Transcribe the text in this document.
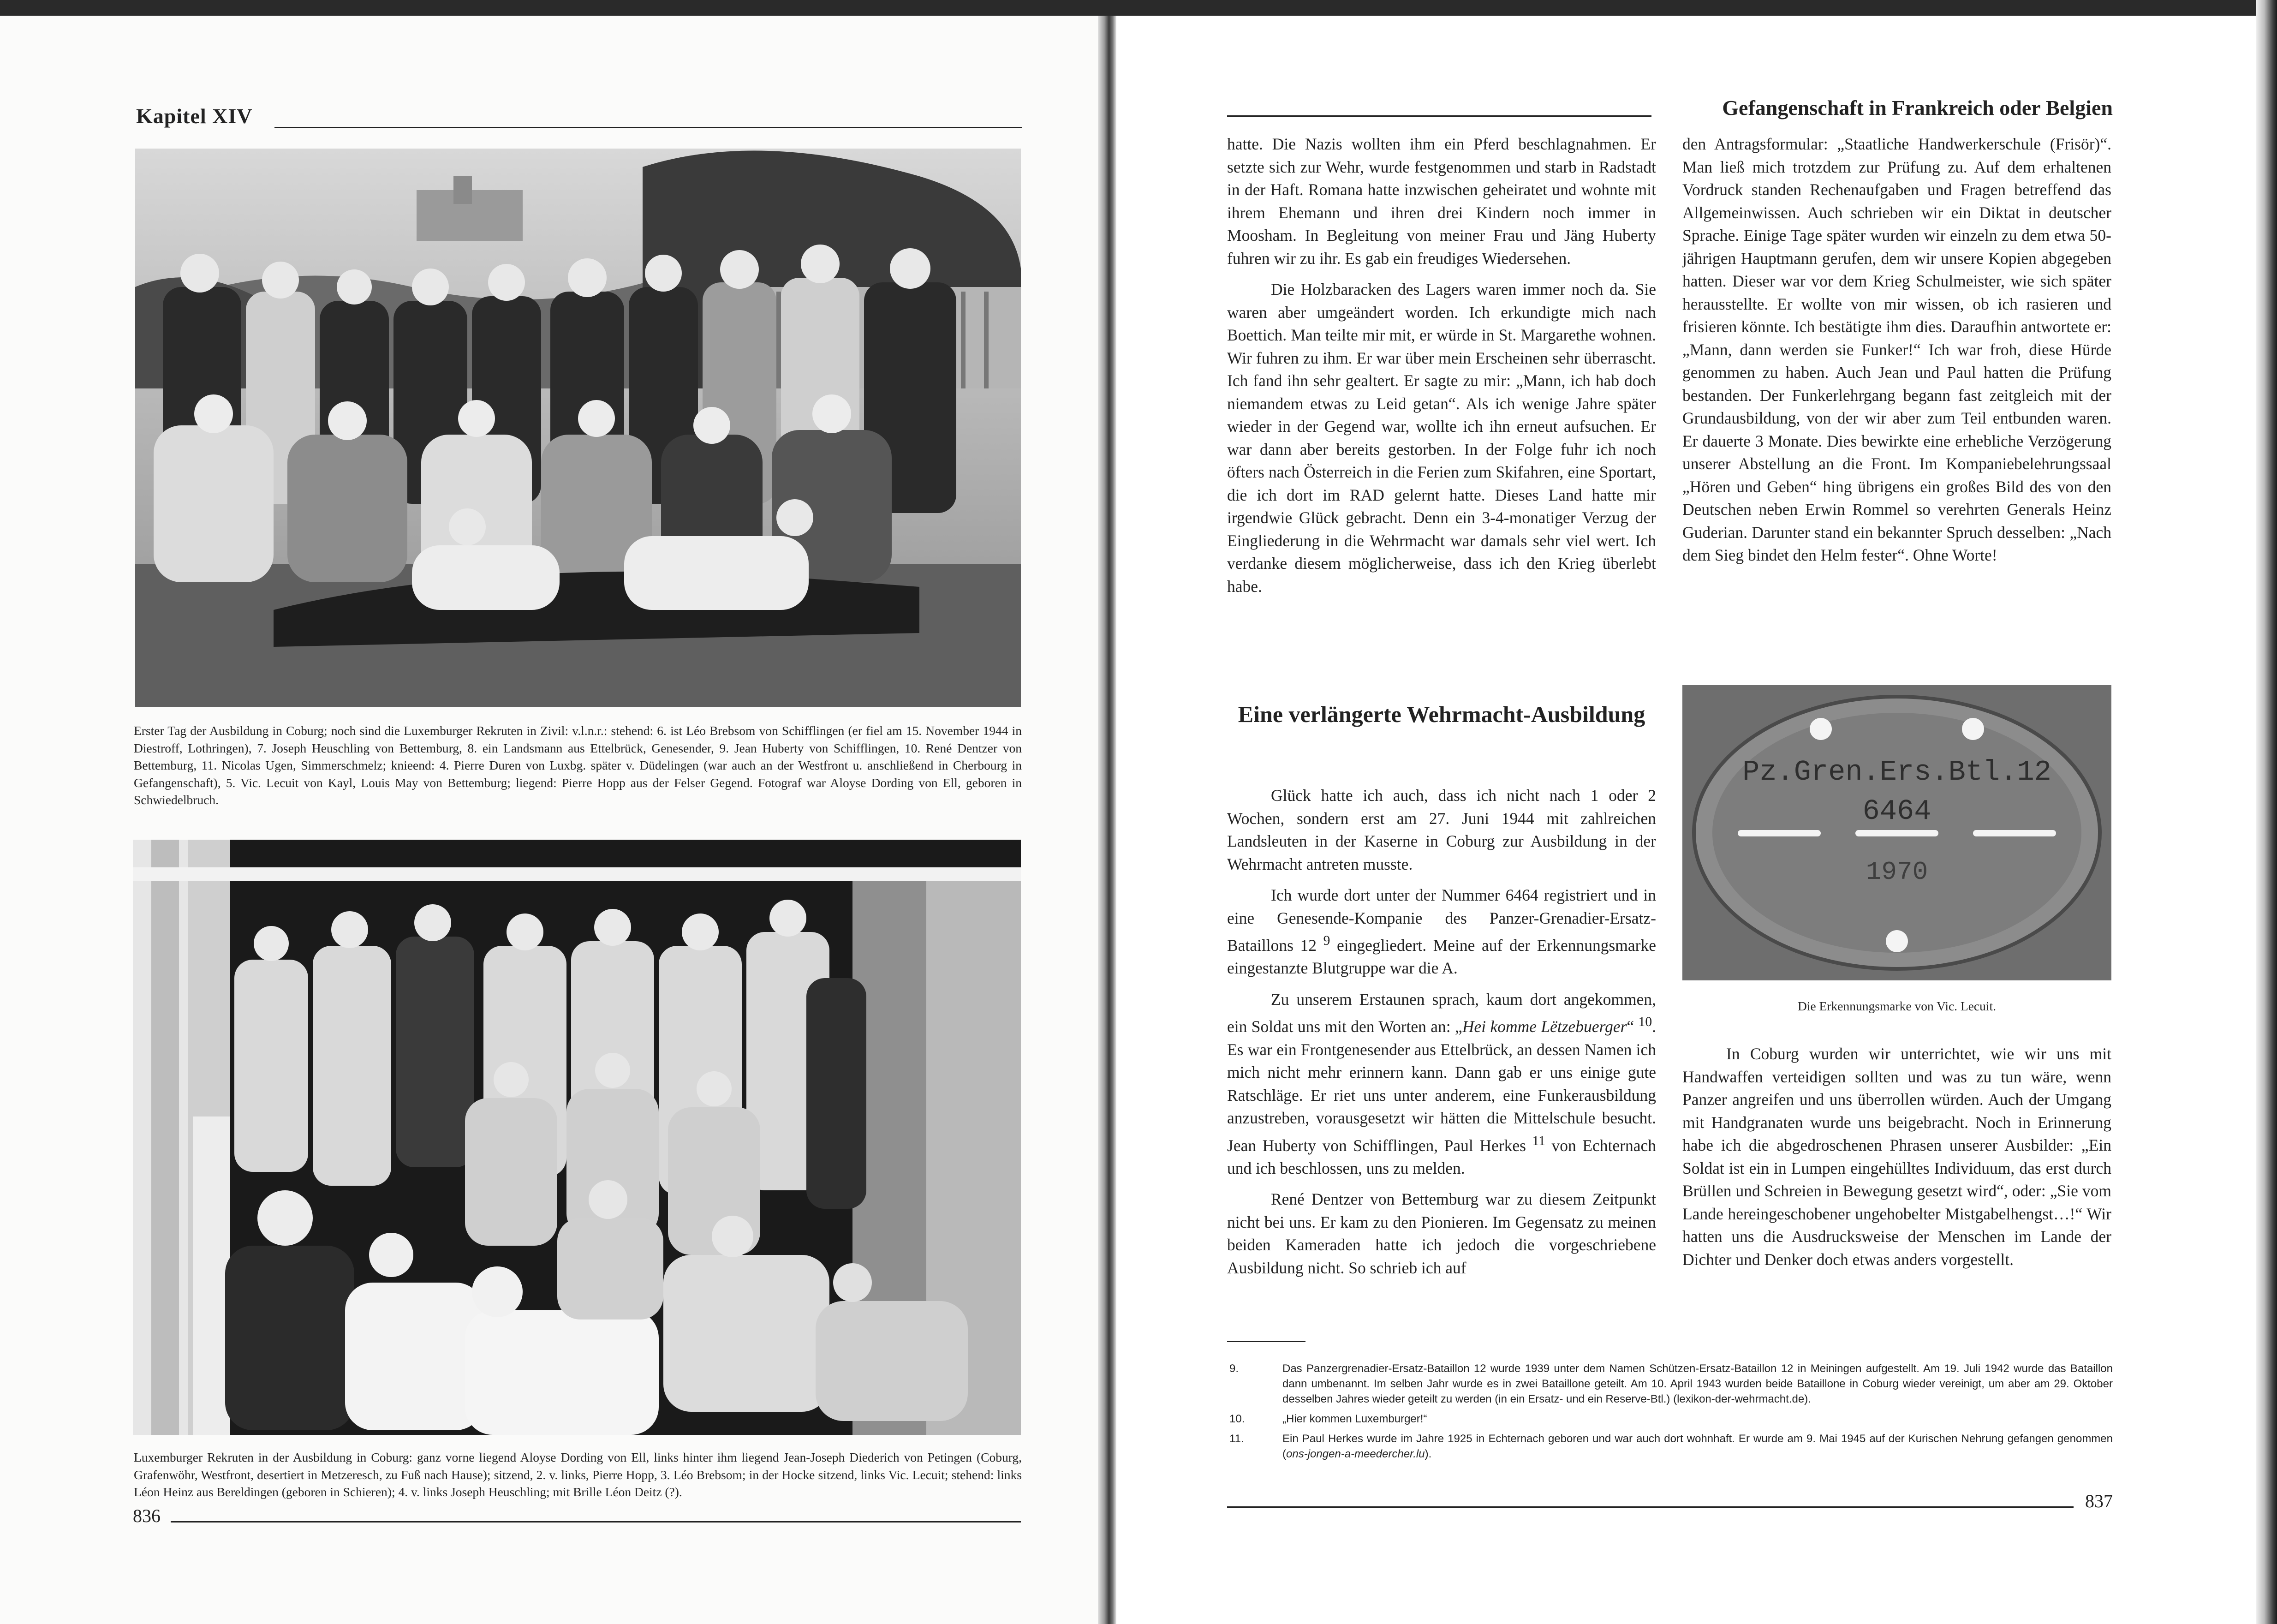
Kapitel XIV
Erster Tag der Ausbildung in Coburg; noch sind die Luxemburger Rekruten in Zivil: v.l.n.r.: stehend: 6. ist Léo Brebsom von Schifflingen (er fiel am 15. November 1944 in Diestroff, Lothringen), 7. Joseph Heuschling von Bettemburg, 8. ein Landsmann aus Ettelbrück, Genesender, 9. Jean Huberty von Schifflingen, 10. René Dentzer von Bettemburg, 11. Nicolas Ugen, Simmerschmelz; knieend: 4. Pierre Duren von Luxbg. später v. Düdelingen (war auch an der Westfront u. anschließend in Cherbourg in Gefangenschaft), 5. Vic. Lecuit von Kayl, Louis May von Bettemburg; liegend: Pierre Hopp aus der Felser Gegend. Fotograf war Aloyse Dording von Ell, geboren in Schwiedelbruch.
Luxemburger Rekruten in der Ausbildung in Coburg: ganz vorne liegend Aloyse Dording von Ell, links hinter ihm liegend Jean-Joseph Diederich von Petingen (Coburg, Grafenwöhr, Westfront, desertiert in Metzeresch, zu Fuß nach Hause); sitzend, 2. v. links, Pierre Hopp, 3. Léo Brebsom; in der Hocke sitzend, links Vic. Lecuit; stehend: links Léon Heinz aus Bereldingen (geboren in Schieren); 4. v. links Joseph Heuschling; mit Brille Léon Deitz (?).
836
Gefangenschaft in Frankreich oder Belgien

hatte. Die Nazis wollten ihm ein Pferd beschlagnahmen. Er setzte sich zur Wehr, wurde festgenommen und starb in Radstadt in der Haft. Romana hatte inzwischen geheiratet und wohnte mit ihrem Ehemann und ihren drei Kindern noch immer in Moosham. In Begleitung von meiner Frau und Jäng Huberty fuhren wir zu ihr. Es gab ein freudiges Wiedersehen.

Die Holzbaracken des Lagers waren immer noch da. Sie waren aber umgeändert worden. Ich erkundigte mich nach Boettich. Man teilte mir mit, er würde in St. Margarethe wohnen. Wir fuhren zu ihm. Er war über mein Erscheinen sehr überrascht. Ich fand ihn sehr gealtert. Er sagte zu mir: „Mann, ich hab doch niemandem etwas zu Leid getan“. Als ich wenige Jahre später wieder in der Gegend war, wollte ich ihn erneut aufsuchen. Er war dann aber bereits gestorben. In der Folge fuhr ich noch öfters nach Österreich in die Ferien zum Skifahren, eine Sportart, die ich dort im RAD gelernt hatte. Dieses Land hatte mir irgendwie Glück gebracht. Denn ein 3-4-monatiger Verzug der Eingliederung in die Wehrmacht war damals sehr viel wert. Ich verdanke diesem möglicherweise, dass ich den Krieg überlebt habe.

Eine verlängerte Wehrmacht-Ausbildung

Glück hatte ich auch, dass ich nicht nach 1 oder 2 Wochen, sondern erst am 27. Juni 1944 mit zahlreichen Landsleuten in der Kaserne in Coburg zur Ausbildung in der Wehrmacht antreten musste.

Ich wurde dort unter der Nummer 6464 registriert und in eine Genesende-Kompanie des Panzer-Grenadier-Ersatz-Bataillons 12 $^9$ eingegliedert. Meine auf der Erkennungsmarke eingestanzte Blutgruppe war die A.

Zu unserem Erstaunen sprach, kaum dort angekommen, ein Soldat uns mit den Worten an: „Hei komme Lëtzebuerger“ $^{10}$. Es war ein Frontgenesender aus Ettelbrück, an dessen Namen ich mich nicht mehr erinnern kann. Dann gab er uns einige gute Ratschläge. Er riet uns unter anderem, eine Funkerausbildung anzustreben, vorausgesetzt wir hätten die Mittelschule besucht. Jean Huberty von Schifflingen, Paul Herkes $^{11}$ von Echternach und ich beschlossen, uns zu melden.

René Dentzer von Bettemburg war zu diesem Zeitpunkt nicht bei uns. Er kam zu den Pionieren. Im Gegensatz zu meinen beiden Kameraden hatte ich jedoch die vorgeschriebene Ausbildung nicht. So schrieb ich auf

den Antragsformular: „Staatliche Handwerkerschule (Frisör)“. Man ließ mich trotzdem zur Prüfung zu. Auf dem erhaltenen Vordruck standen Rechenaufgaben und Fragen betreffend das Allgemeinwissen. Auch schrieben wir ein Diktat in deutscher Sprache. Einige Tage später wurden wir einzeln zu dem etwa 50-jährigen Hauptmann gerufen, dem wir unsere Kopien abgegeben hatten. Dieser war vor dem Krieg Schulmeister, wie sich später herausstellte. Er wollte von mir wissen, ob ich rasieren und frisieren könnte. Ich bestätigte ihm dies. Daraufhin antwortete er: „Mann, dann werden sie Funker!“ Ich war froh, diese Hürde genommen zu haben. Auch Jean und Paul hatten die Prüfung bestanden. Der Funkerlehrgang begann fast zeitgleich mit der Grundausbildung, von der wir aber zum Teil entbunden waren. Er dauerte 3 Monate. Dies bewirkte eine erhebliche Verzögerung unserer Abstellung an die Front. Im Kompaniebelehrungssaal „Hören und Geben“ hing übrigens ein großes Bild des von den Deutschen neben Erwin Rommel so verehrten Generals Heinz Guderian. Darunter stand ein bekannter Spruch desselben: „Nach dem Sieg bindet den Helm fester“. Ohne Worte!

Pz.Gren.Ers.Btl.12
6464
1970
Die Erkennungsmarke von Vic. Lecuit.

In Coburg wurden wir unterrichtet, wie wir uns mit Handwaffen verteidigen sollten und was zu tun wäre, wenn Panzer angreifen und uns überrollen würden. Auch der Umgang mit Handgranaten wurde uns beigebracht. Noch in Erinnerung habe ich die abgedroschenen Phrasen unserer Ausbilder: „Ein Soldat ist ein in Lumpen eingehülltes Individuum, das erst durch Brüllen und Schreien in Bewegung gesetzt wird“, oder: „Sie vom Lande hereingeschobener ungehobelter Mistgabelhengst…!“ Wir hatten uns die Ausdrucksweise der Menschen im Lande der Dichter und Denker doch etwas anders vorgestellt.

9.	Das Panzergrenadier-Ersatz-Bataillon 12 wurde 1939 unter dem Namen Schützen-Ersatz-Bataillon 12 in Meiningen aufgestellt. Am 19. Juli 1942 wurde das Bataillon dann umbenannt. Im selben Jahr wurde es in zwei Bataillone geteilt. Am 10. April 1943 wurden beide Bataillone in Coburg wieder vereinigt, um aber am 29. Oktober desselben Jahres wieder geteilt zu werden (in ein Ersatz- und ein Reserve-Btl.) (lexikon-der-wehrmacht.de).
10.	„Hier kommen Luxemburger!“
11.	Ein Paul Herkes wurde im Jahre 1925 in Echternach geboren und war auch dort wohnhaft. Er wurde am 9. Mai 1945 auf der Kurischen Nehrung gefangen genommen (ons-jongen-a-meedercher.lu).
837
